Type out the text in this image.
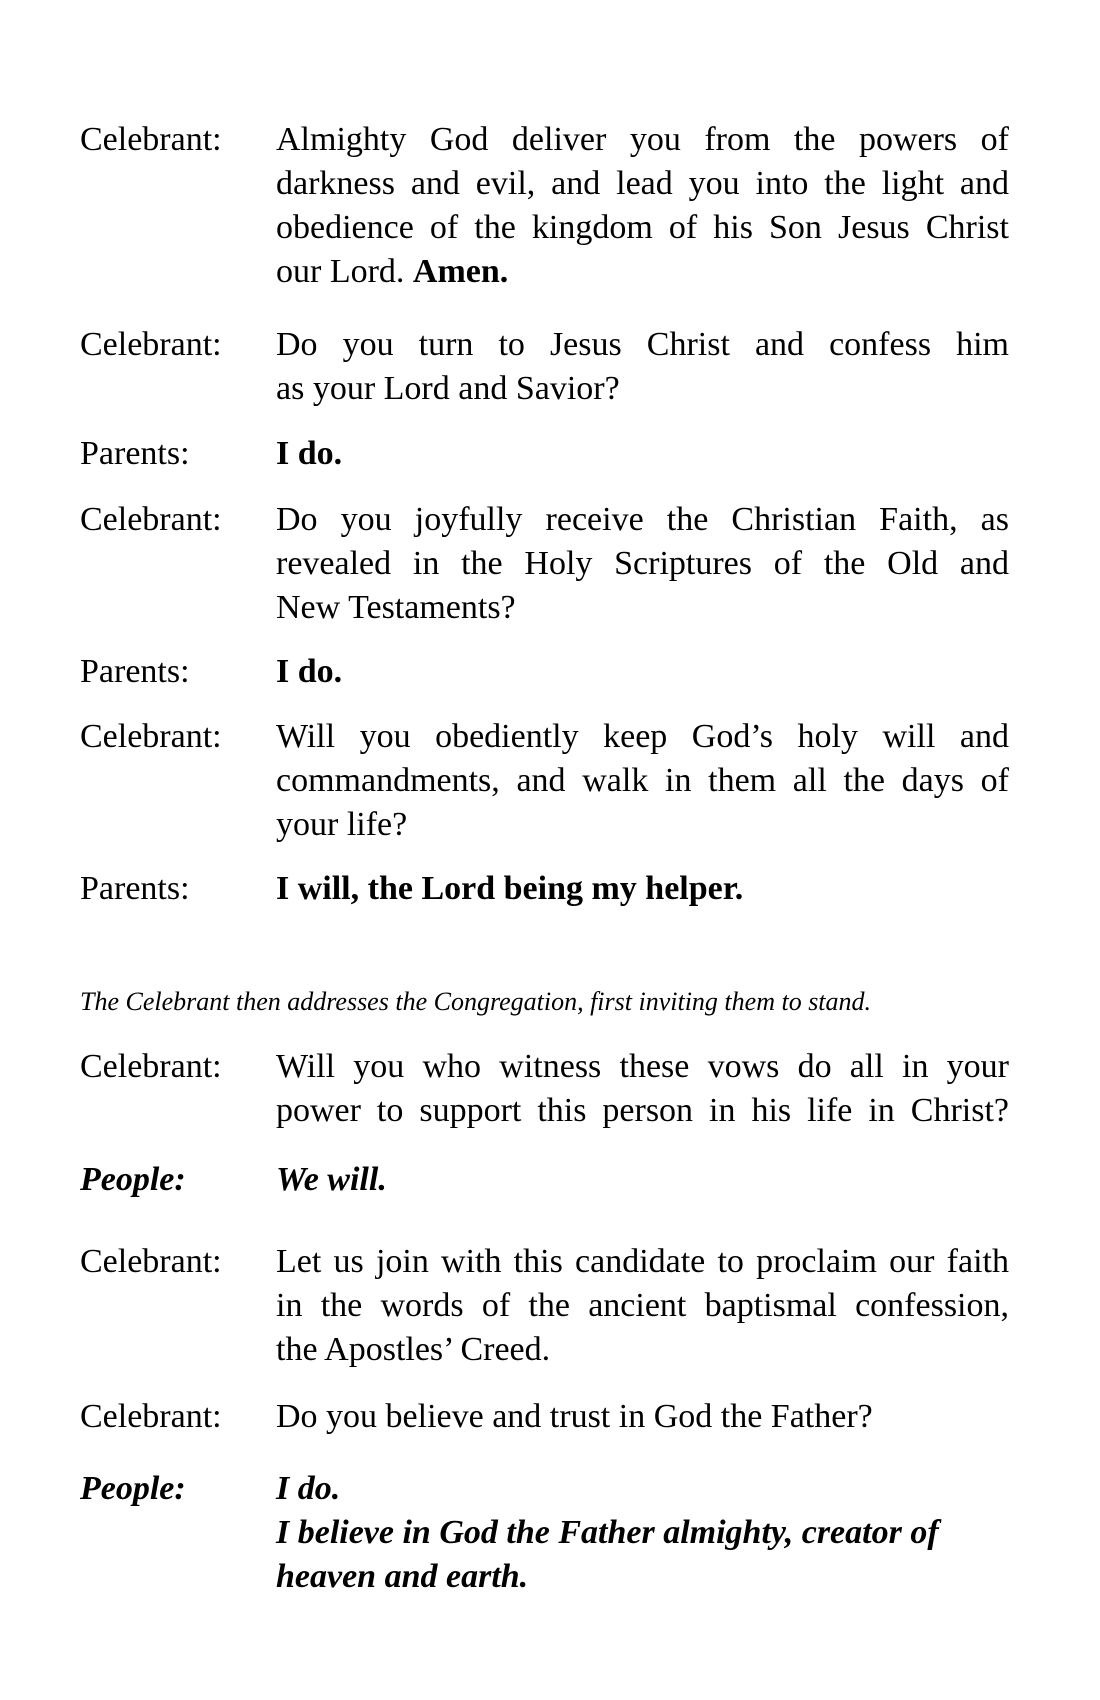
Celebrant:	Almighty God deliver you from the powers of
darkness and evil, and lead you into the light and
obedience of the kingdom of his Son Jesus Christ
our Lord. Amen.
Celebrant:	Do you turn to Jesus Christ and confess him
as your Lord and Savior?
Parents:	I do.
Celebrant:	Do you joyfully receive the Christian Faith, as
revealed in the Holy Scriptures of the Old and
New Testaments?
Parents:	I do.
Celebrant:	Will you obediently keep God’s holy will and
commandments, and walk in them all the days of
your life?
Parents:	I will, the Lord being my helper.
The Celebrant then addresses the Congregation, first inviting them to stand.
Celebrant:	Will you who witness these vows do all in your
power to support this person in his life in Christ?
People:	We will.
Celebrant:	Let us join with this candidate to proclaim our faith
in the words of the ancient baptismal confession,
the Apostles’ Creed.
Celebrant:	Do you believe and trust in God the Father?
People:	I do.
I believe in God the Father almighty, creator of
heaven and earth.
